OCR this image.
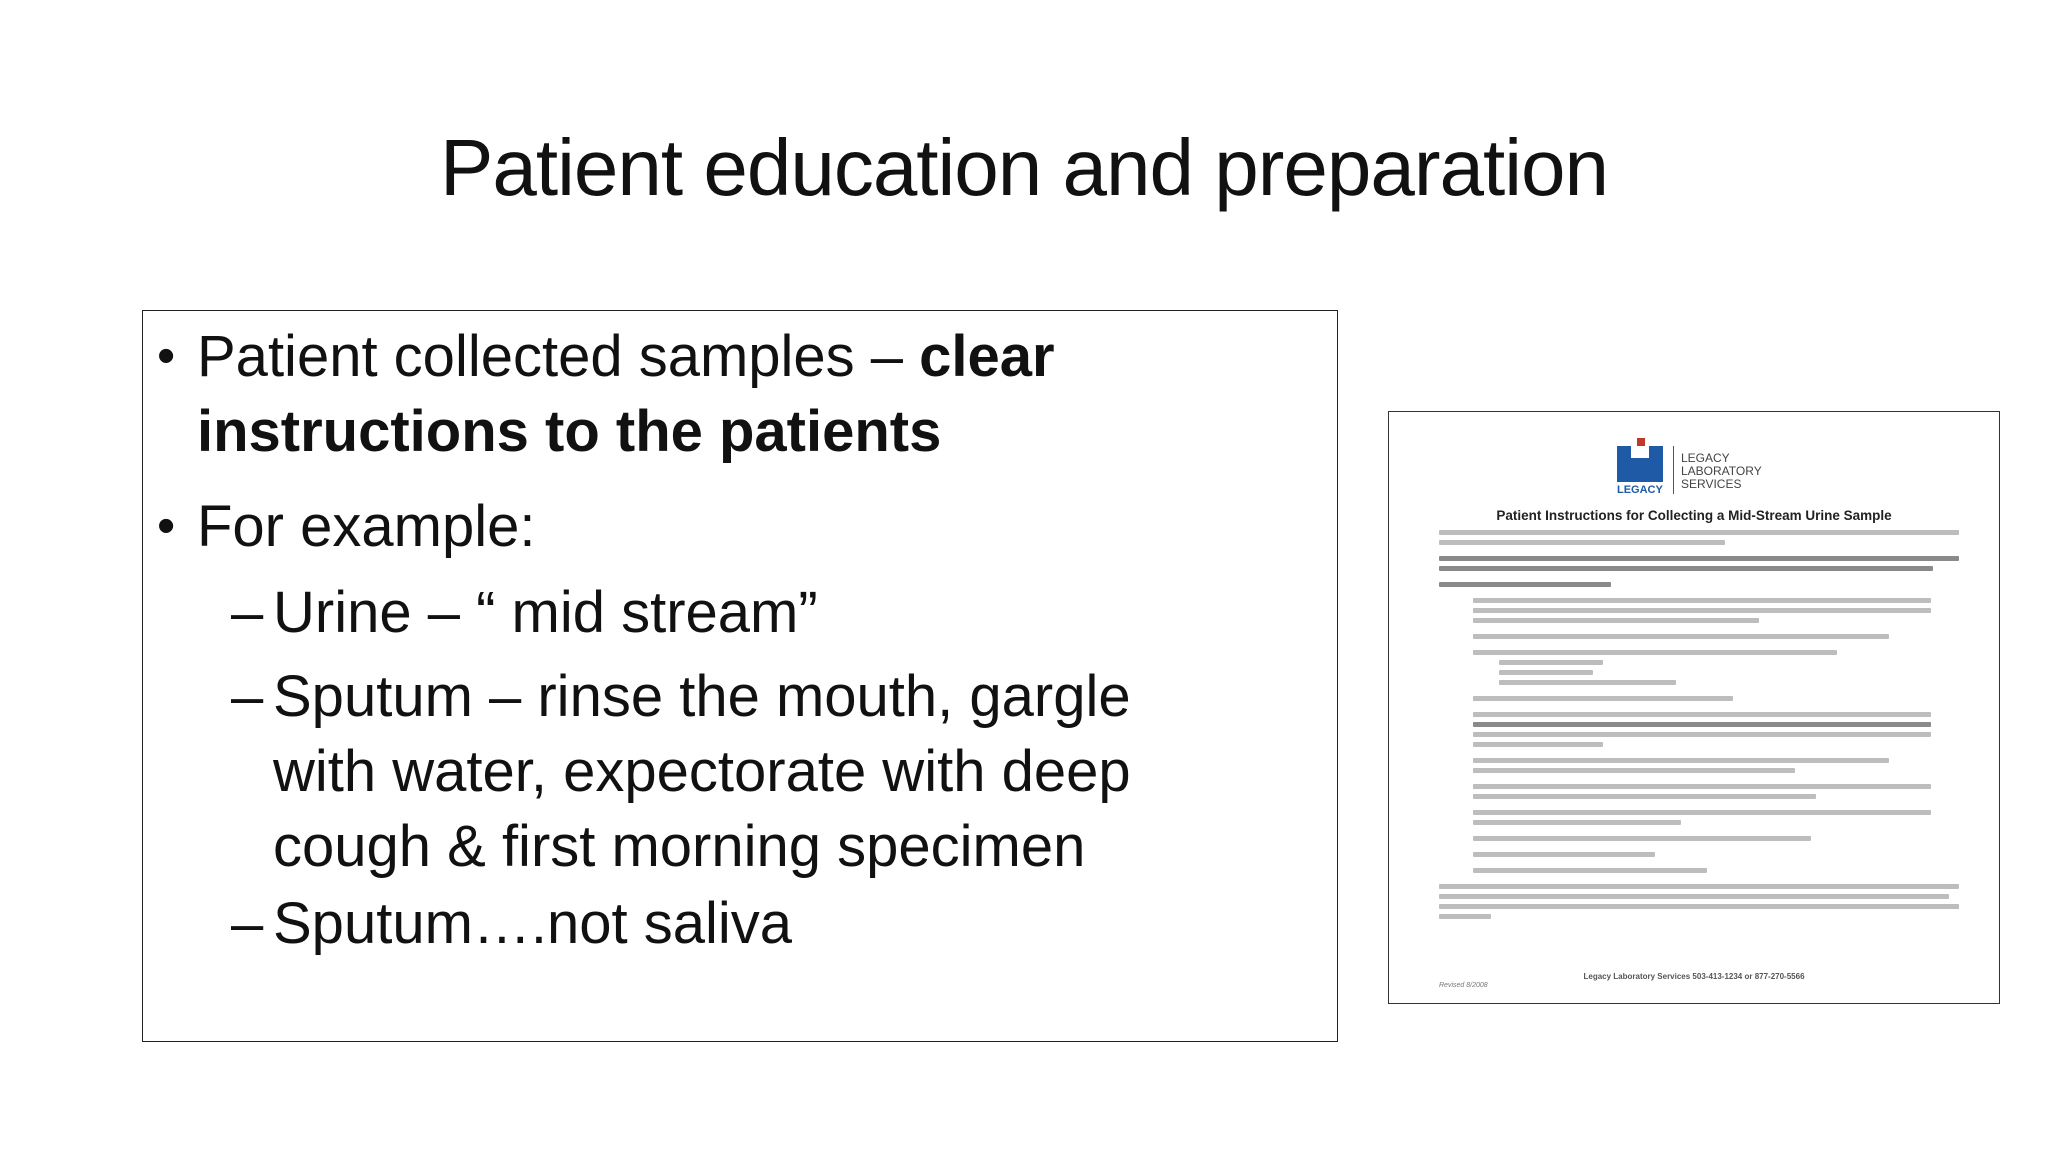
Patient education and preparation
• Patient collected samples – clear
instructions to the patients
• For example:
– Urine – “ mid stream”
– Sputum – rinse the mouth, gargle
with water, expectorate with deep
cough & first morning specimen
– Sputum….not saliva
LEGACY
LEGACY
LABORATORY
SERVICES
Patient Instructions for Collecting a Mid-Stream Urine Sample
Legacy Laboratory Services 503-413-1234 or 877-270-5566
Revised 8/2008
